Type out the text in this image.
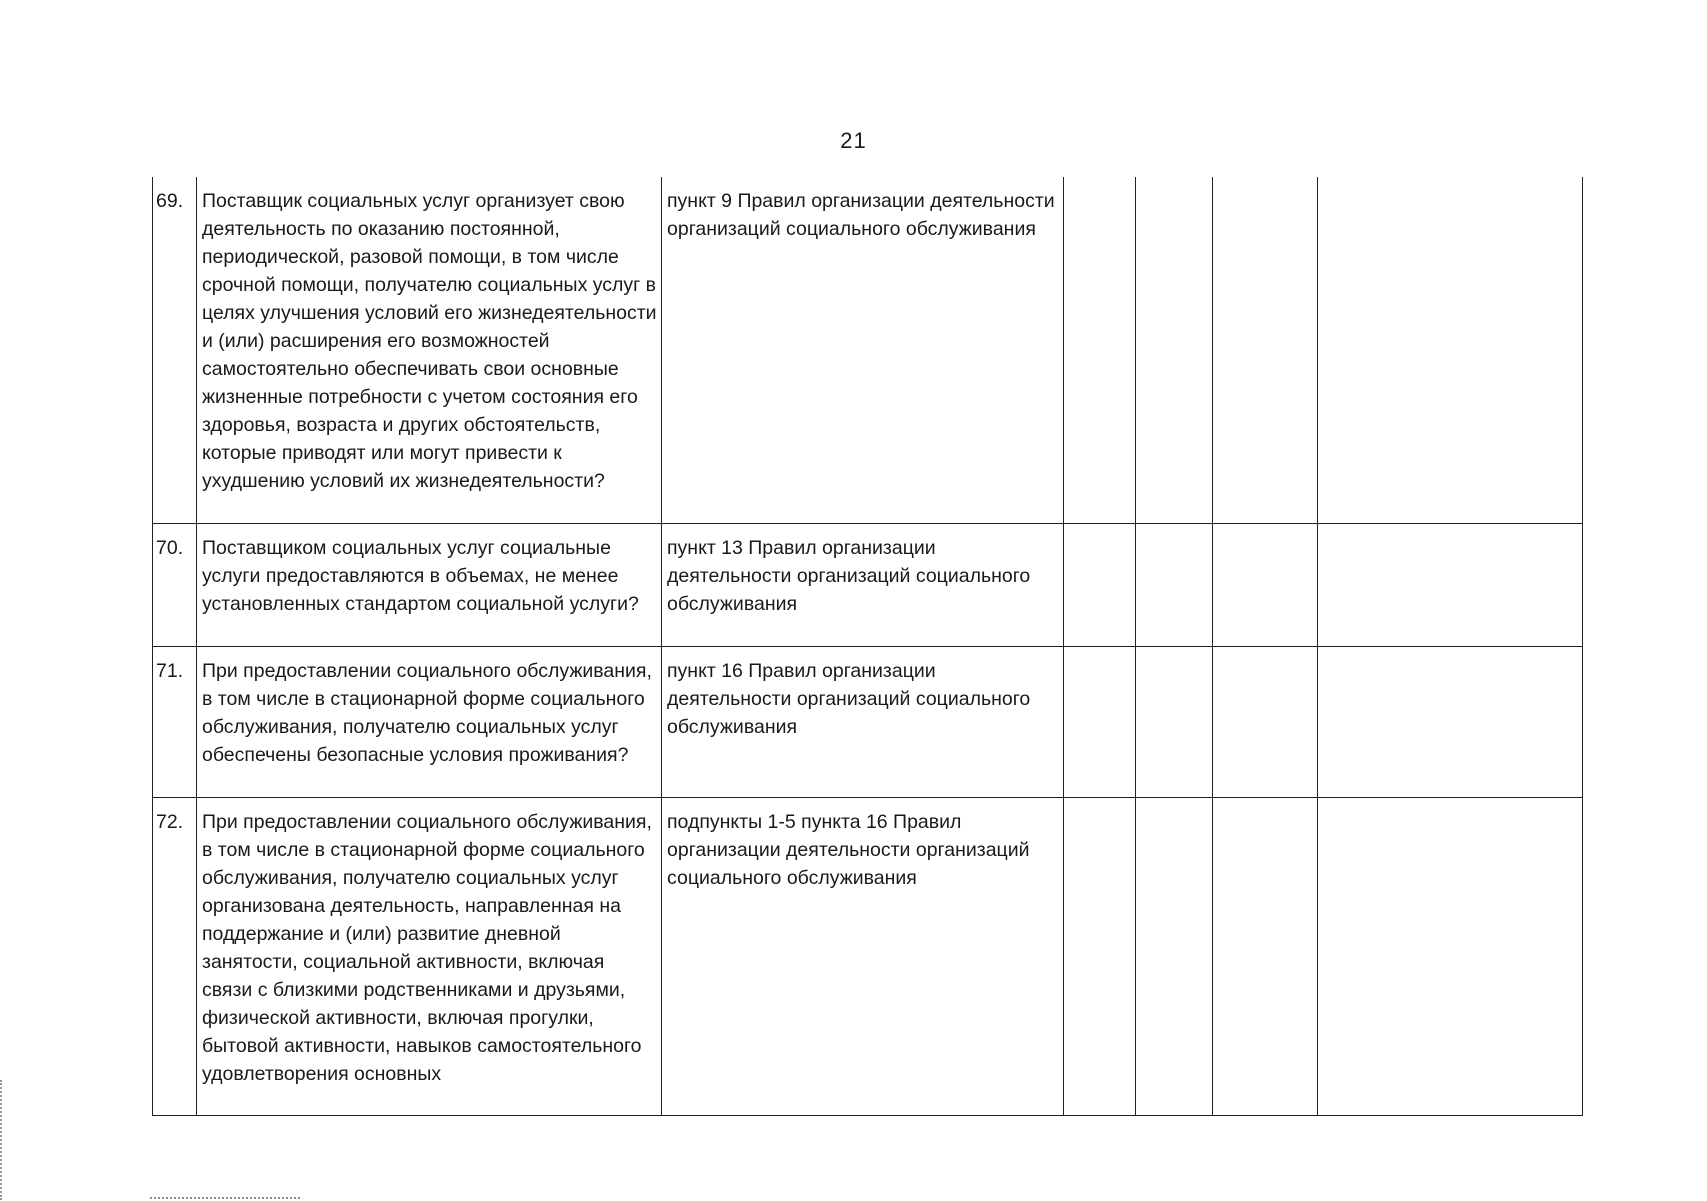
21
69.	Поставщик социальных услуг организует свою деятельность по оказанию постоянной, периодической, разовой помощи, в том числе срочной помощи, получателю социальных услуг в целях улучшения условий его жизнедеятельности и (или) расширения его возможностей самостоятельно обеспечивать свои основные жизненные потребности с учетом состояния его здоровья, возраста и других обстоятельств, которые приводят или могут привести к ухудшению условий их жизнедеятельности?	пункт 9 Правил организации деятельности организаций социального обслуживания				
70.	Поставщиком социальных услуг социальные услуги предоставляются в объемах, не менее установленных стандартом социальной услуги?	пункт 13 Правил организации деятельности организаций социального обслуживания				
71.	При предоставлении социального обслуживания, в том числе в стационарной форме социального обслуживания, получателю социальных услуг обеспечены безопасные условия проживания?	пункт 16 Правил организации деятельности организаций социального обслуживания				
72.	При предоставлении социального обслуживания, в том числе в стационарной форме социального обслуживания, получателю социальных услуг организована деятельность, направленная на поддержание и (или) развитие дневной занятости, социальной активности, включая связи с близкими родственниками и друзьями, физической активности, включая прогулки, бытовой активности, навыков самостоятельного удовлетворения основных	подпункты 1-5 пункта 16 Правил организации деятельности организаций социального обслуживания				
